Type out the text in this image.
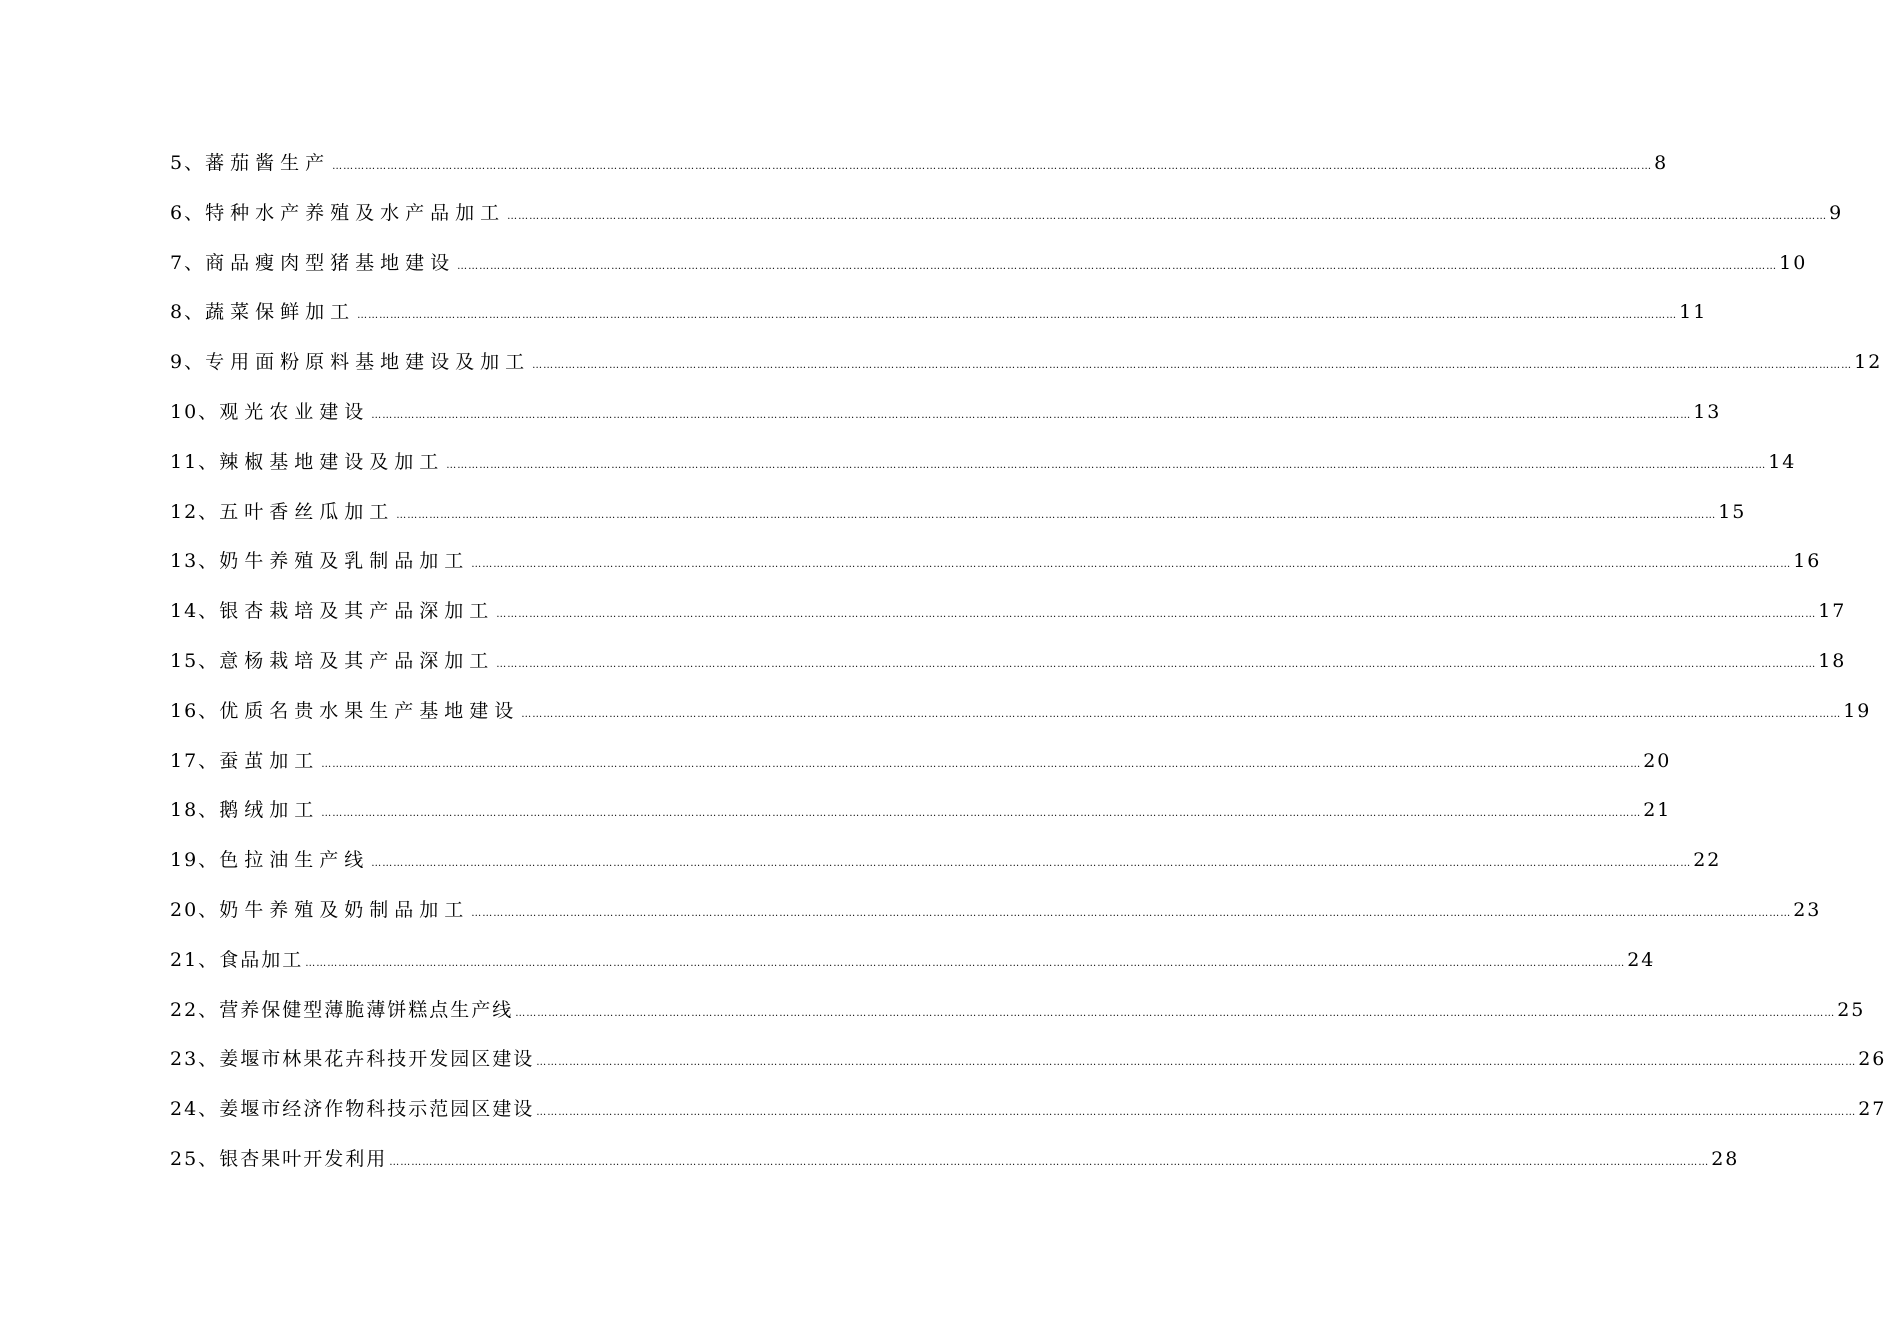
5、 蕃茄酱生产 ……………………………………………………………………………………………………………………………………………………………………………………………………………………………………………………………………………………………………………………………… 8
6、 特种水产养殖及水产品加工 ……………………………………………………………………………………………………………………………………………………………………………………………………………………………………………………………………………………………………………………………… 9
7、 商品瘦肉型猪基地建设 ……………………………………………………………………………………………………………………………………………………………………………………………………………………………………………………………………………………………………………………………… 10
8、 蔬菜保鲜加工 ……………………………………………………………………………………………………………………………………………………………………………………………………………………………………………………………………………………………………………………………… 11
9、 专用面粉原料基地建设及加工 ……………………………………………………………………………………………………………………………………………………………………………………………………………………………………………………………………………………………………………………………… 12
10、 观光农业建设 ……………………………………………………………………………………………………………………………………………………………………………………………………………………………………………………………………………………………………………………………… 13
11、 辣椒基地建设及加工 ……………………………………………………………………………………………………………………………………………………………………………………………………………………………………………………………………………………………………………………………… 14
12、 五叶香丝瓜加工 ……………………………………………………………………………………………………………………………………………………………………………………………………………………………………………………………………………………………………………………………… 15
13、 奶牛养殖及乳制品加工 ……………………………………………………………………………………………………………………………………………………………………………………………………………………………………………………………………………………………………………………………… 16
14、 银杏栽培及其产品深加工 ……………………………………………………………………………………………………………………………………………………………………………………………………………………………………………………………………………………………………………………………… 17
15、 意杨栽培及其产品深加工 ……………………………………………………………………………………………………………………………………………………………………………………………………………………………………………………………………………………………………………………………… 18
16、 优质名贵水果生产基地建设 ……………………………………………………………………………………………………………………………………………………………………………………………………………………………………………………………………………………………………………………………… 19
17、 蚕茧加工 ……………………………………………………………………………………………………………………………………………………………………………………………………………………………………………………………………………………………………………………………… 20
18、 鹅绒加工 ……………………………………………………………………………………………………………………………………………………………………………………………………………………………………………………………………………………………………………………………… 21
19、 色拉油生产线 ……………………………………………………………………………………………………………………………………………………………………………………………………………………………………………………………………………………………………………………………… 22
20、 奶牛养殖及奶制品加工 ……………………………………………………………………………………………………………………………………………………………………………………………………………………………………………………………………………………………………………………………… 23
21、 食品加工 ……………………………………………………………………………………………………………………………………………………………………………………………………………………………………………………………………………………………………………………………… 24
22、 营养保健型薄脆薄饼糕点生产线 ……………………………………………………………………………………………………………………………………………………………………………………………………………………………………………………………………………………………………………………………… 25
23、 姜堰市林果花卉科技开发园区建设 ……………………………………………………………………………………………………………………………………………………………………………………………………………………………………………………………………………………………………………………………… 26
24、 姜堰市经济作物科技示范园区建设 ……………………………………………………………………………………………………………………………………………………………………………………………………………………………………………………………………………………………………………………………… 27
25、 银杏果叶开发利用 ……………………………………………………………………………………………………………………………………………………………………………………………………………………………………………………………………………………………………………………………… 28
